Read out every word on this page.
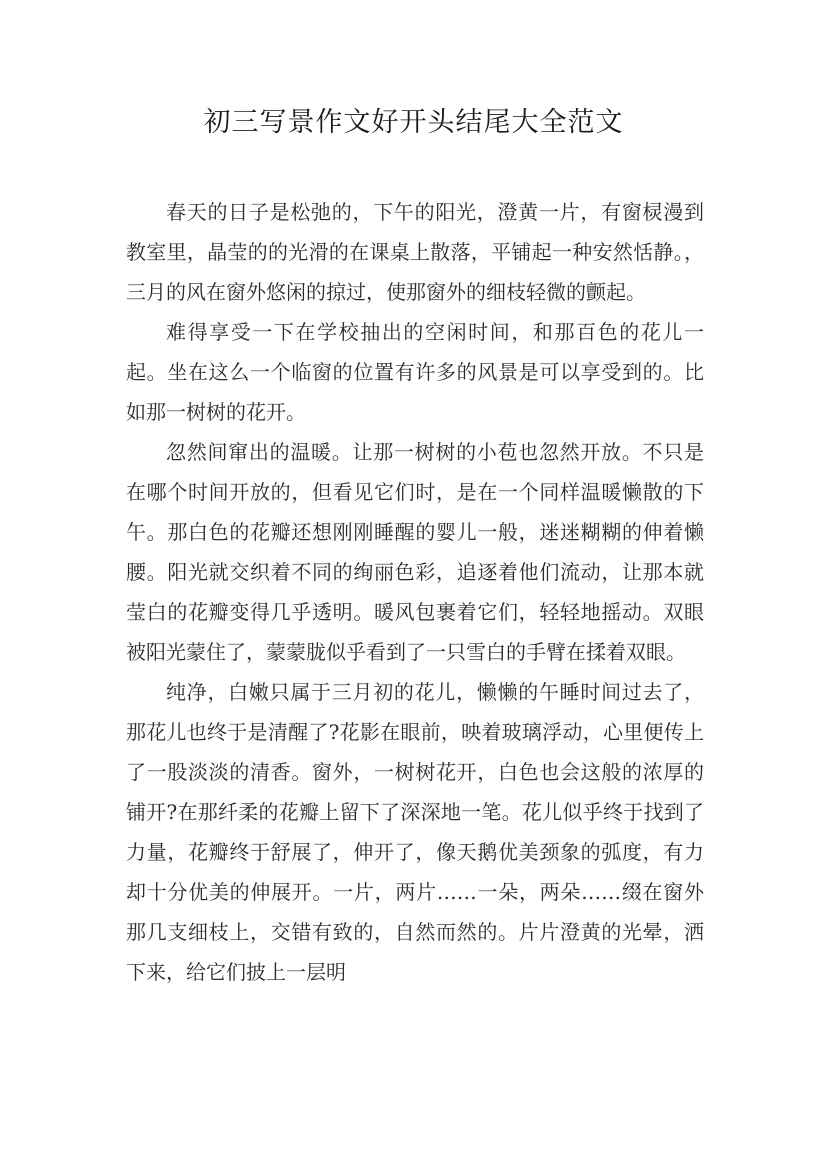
初三写景作文好开头结尾大全范文

春天的日子是松弛的，下午的阳光，澄黄一片，有窗棂漫到教室里，晶莹的的光滑的在课桌上散落，平铺起一种安然恬静。，三月的风在窗外悠闲的掠过，使那窗外的细枝轻微的颤起。

难得享受一下在学校抽出的空闲时间，和那百色的花儿一起。坐在这么一个临窗的位置有许多的风景是可以享受到的。比如那一树树的花开。

忽然间窜出的温暖。让那一树树的小苞也忽然开放。不只是在哪个时间开放的，但看见它们时，是在一个同样温暖懒散的下午。那白色的花瓣还想刚刚睡醒的婴儿一般，迷迷糊糊的伸着懒腰。阳光就交织着不同的绚丽色彩，追逐着他们流动，让那本就莹白的花瓣变得几乎透明。暖风包裹着它们，轻轻地摇动。双眼被阳光蒙住了，蒙蒙胧似乎看到了一只雪白的手臂在揉着双眼。

纯净，白嫩只属于三月初的花儿，懒懒的午睡时间过去了，那花儿也终于是清醒了?花影在眼前，映着玻璃浮动，心里便传上了一股淡淡的清香。窗外，一树树花开，白色也会这般的浓厚的铺开?在那纤柔的花瓣上留下了深深地一笔。花儿似乎终于找到了力量，花瓣终于舒展了，伸开了，像天鹅优美颈象的弧度，有力却十分优美的伸展开。一片，两片……一朵，两朵……缀在窗外那几支细枝上，交错有致的，自然而然的。片片澄黄的光晕，洒下来，给它们披上一层明
